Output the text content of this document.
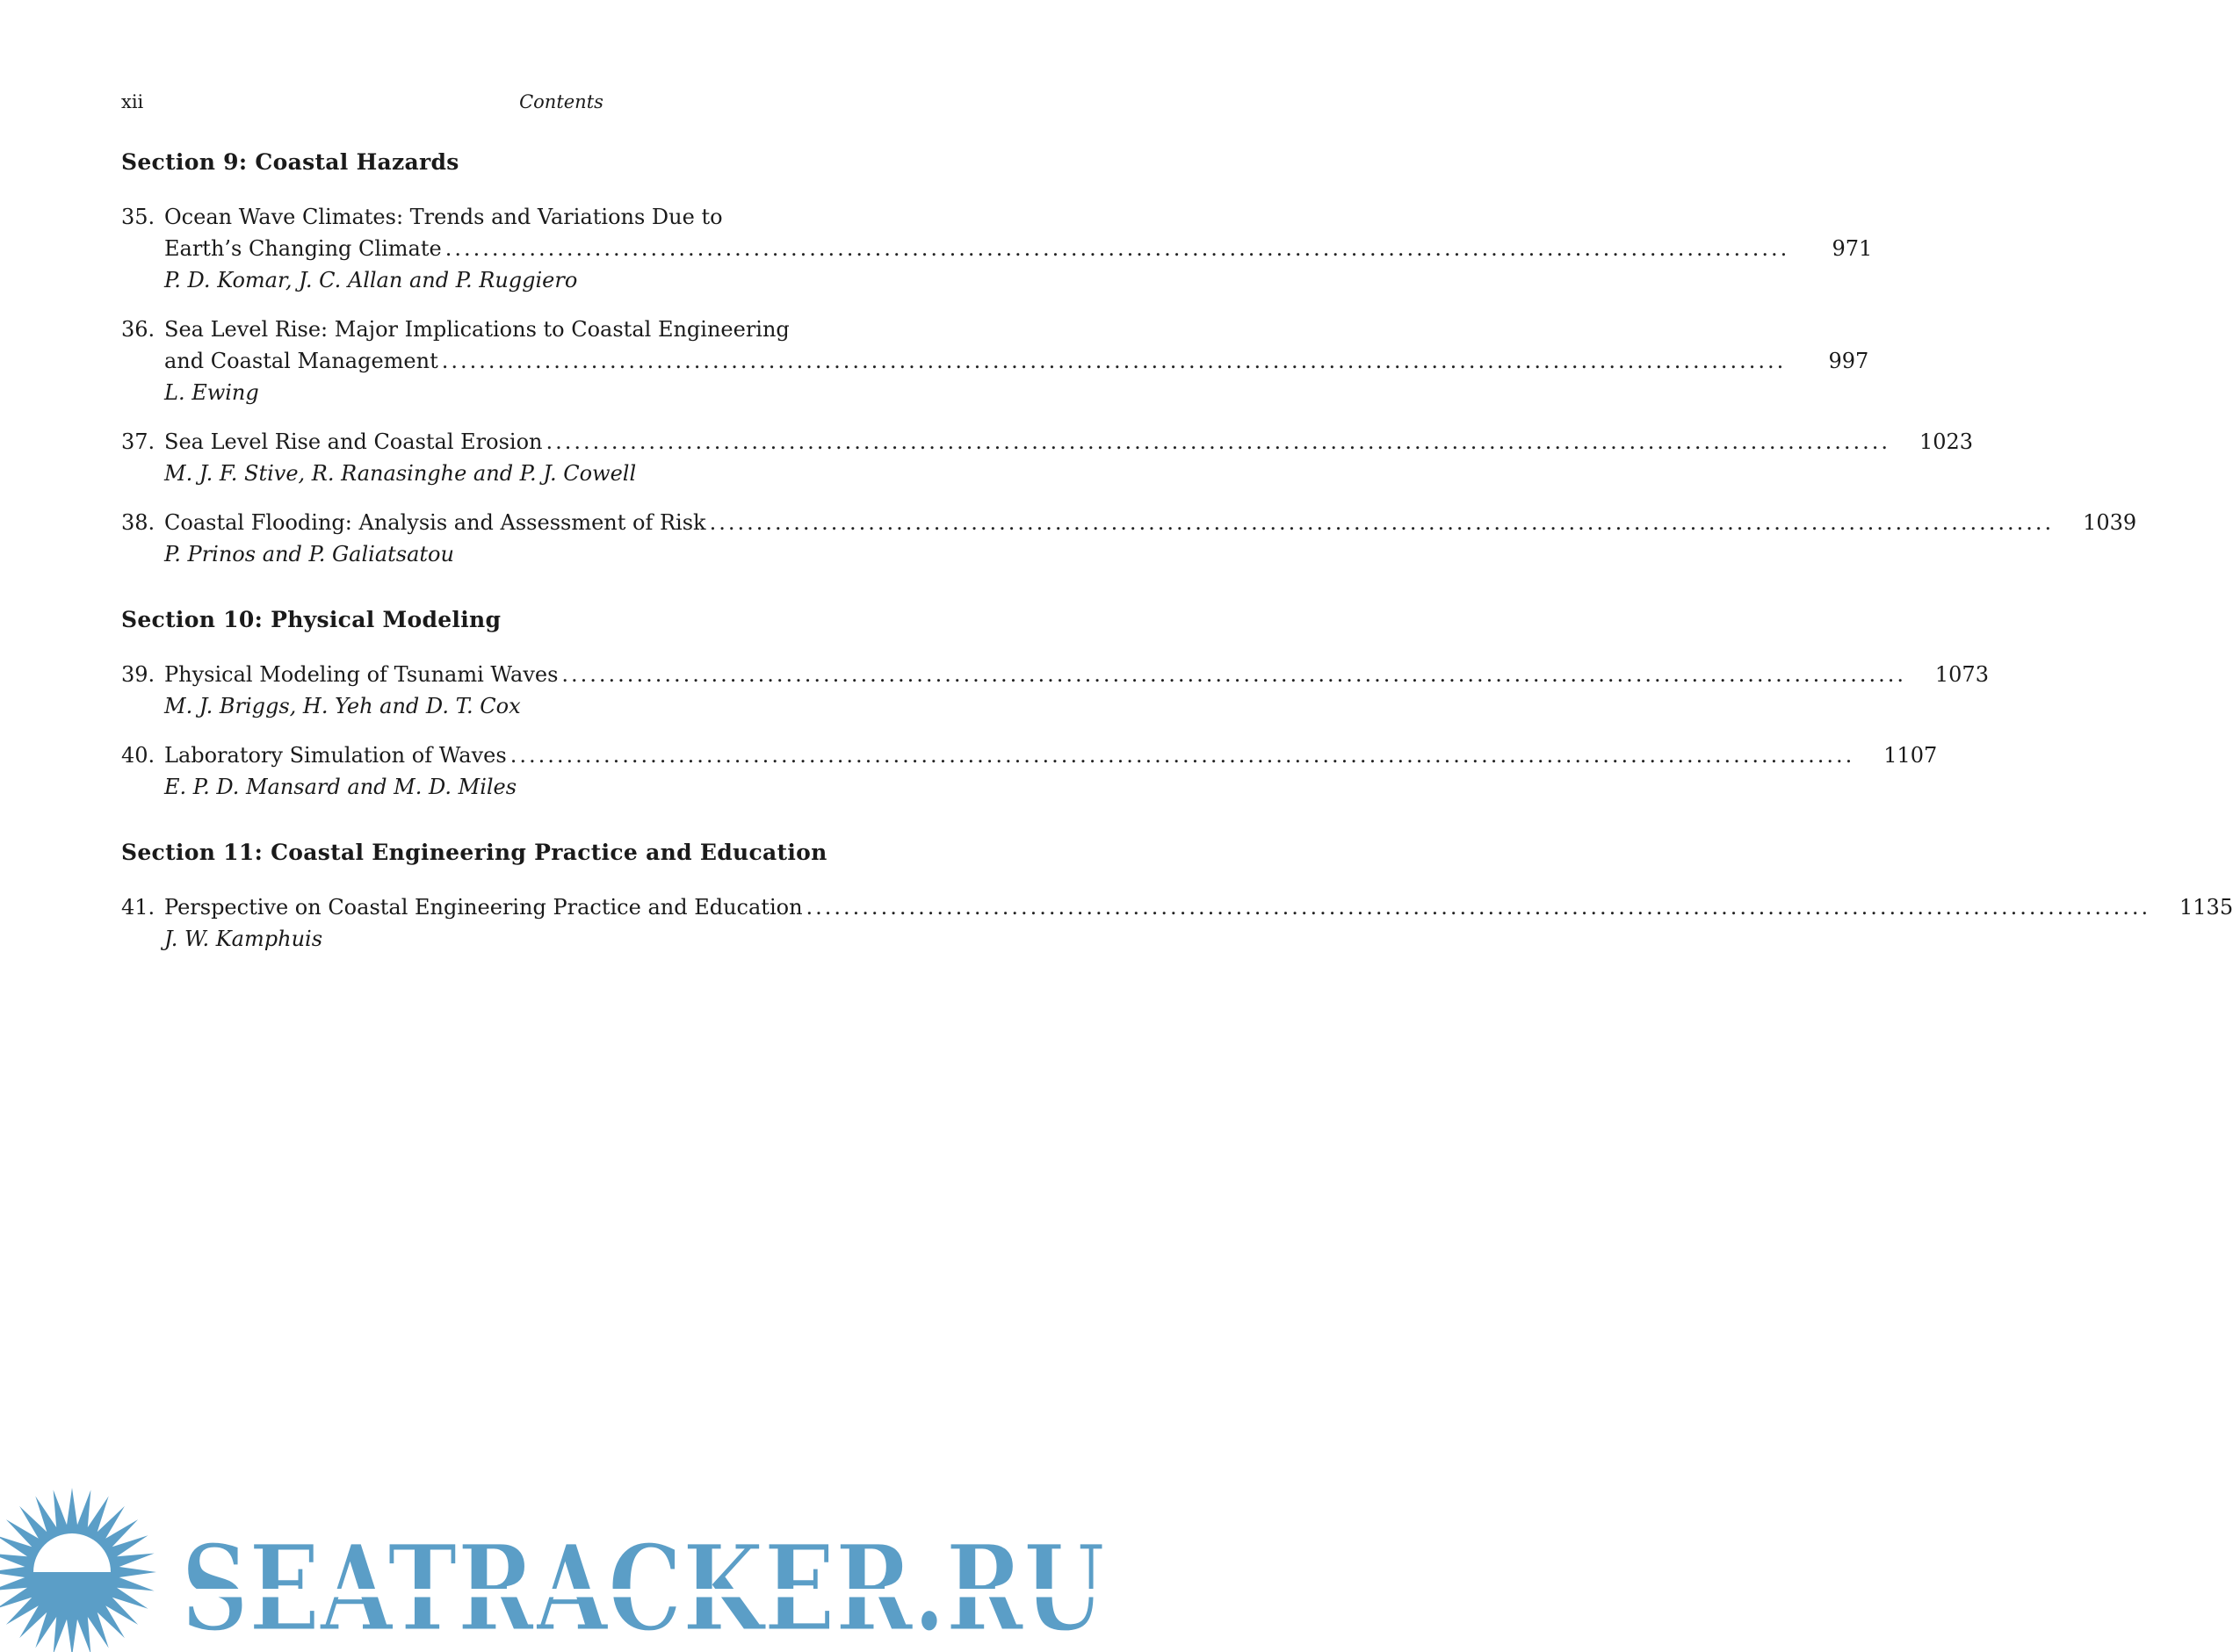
xii	Contents
Section 9: Coastal Hazards
35. Ocean Wave Climates: Trends and Variations Due to
Earth’s Changing Climate .....	971
P. D. Komar, J. C. Allan and P. Ruggiero
36. Sea Level Rise: Major Implications to Coastal Engineering
and Coastal Management .....	997
L. Ewing
37. Sea Level Rise and Coastal Erosion .....	1023
M. J. F. Stive, R. Ranasinghe and P. J. Cowell
38. Coastal Flooding: Analysis and Assessment of Risk .....	1039
P. Prinos and P. Galiatsatou
Section 10: Physical Modeling
39. Physical Modeling of Tsunami Waves .....	1073
M. J. Briggs, H. Yeh and D. T. Cox
40. Laboratory Simulation of Waves .....	1107
E. P. D. Mansard and M. D. Miles
Section 11: Coastal Engineering Practice and Education
41. Perspective on Coastal Engineering Practice and Education .....	1135
J. W. Kamphuis
SEATRACKER.RU
